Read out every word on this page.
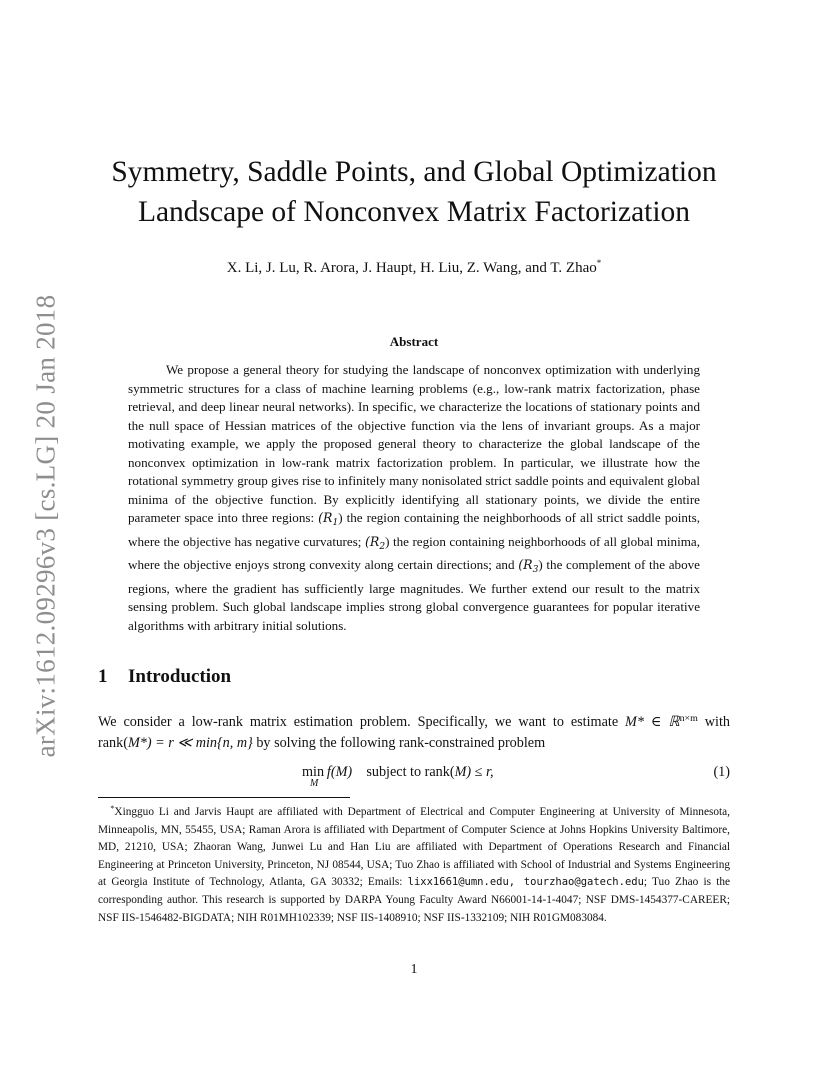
arXiv:1612.09296v3 [cs.LG] 20 Jan 2018
Symmetry, Saddle Points, and Global Optimization
Landscape of Nonconvex Matrix Factorization
X. Li, J. Lu, R. Arora, J. Haupt, H. Liu, Z. Wang, and T. Zhao*
Abstract

We propose a general theory for studying the landscape of nonconvex optimization with underlying symmetric structures for a class of machine learning problems (e.g., low-rank matrix factorization, phase retrieval, and deep linear neural networks). In specific, we characterize the locations of stationary points and the null space of Hessian matrices of the objective function via the lens of invariant groups. As a major motivating example, we apply the proposed general theory to characterize the global landscape of the nonconvex optimization in low-rank matrix factorization problem. In particular, we illustrate how the rotational symmetry group gives rise to infinitely many nonisolated strict saddle points and equivalent global minima of the objective function. By explicitly identifying all stationary points, we divide the entire parameter space into three regions: $(R_1)$ the region containing the neighborhoods of all strict saddle points, where the objective has negative curvatures; $(R_2)$ the region containing neighborhoods of all global minima, where the objective enjoys strong convexity along certain directions; and $(R_3)$ the complement of the above regions, where the gradient has sufficiently large magnitudes. We further extend our result to the matrix sensing problem. Such global landscape implies strong global convergence guarantees for popular iterative algorithms with arbitrary initial solutions.

1 Introduction

We consider a low-rank matrix estimation problem. Specifically, we want to estimate M* ∈ ℝ$^{n\times m}$ with rank(M*) = r ≪ min{n, m} by solving the following rank-constrained problem

min
M
 f(M) subject to rank(M) ≤ r,	(1)

*Xingguo Li and Jarvis Haupt are affiliated with Department of Electrical and Computer Engineering at University of Minnesota, Minneapolis, MN, 55455, USA; Raman Arora is affiliated with Department of Computer Science at Johns Hopkins University Baltimore, MD, 21210, USA; Zhaoran Wang, Junwei Lu and Han Liu are affiliated with Department of Operations Research and Financial Engineering at Princeton University, Princeton, NJ 08544, USA; Tuo Zhao is affiliated with School of Industrial and Systems Engineering at Georgia Institute of Technology, Atlanta, GA 30332; Emails: lixx1661@umn.edu, tourzhao@gatech.edu; Tuo Zhao is the corresponding author. This research is supported by DARPA Young Faculty Award N66001-14-1-4047; NSF DMS-1454377-CAREER; NSF IIS-1546482-BIGDATA; NIH R01MH102339; NSF IIS-1408910; NSF IIS-1332109; NIH R01GM083084.

1
